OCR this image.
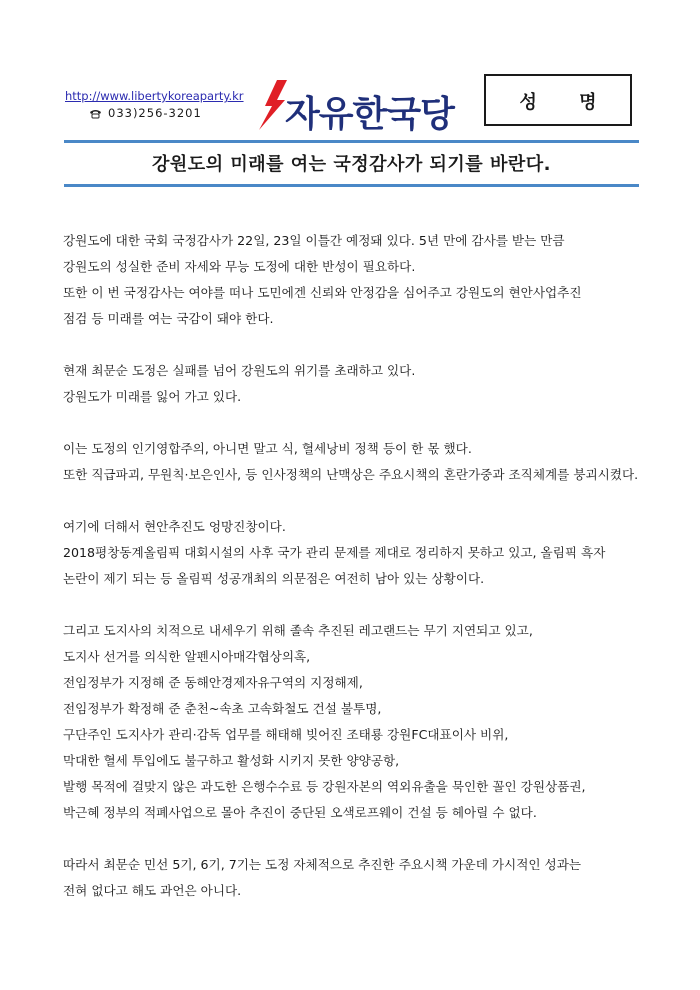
http://www.libertykoreaparty.kr
033)256-3201	자유한국당	성 명
강원도의 미래를 여는 국정감사가 되기를 바란다.
강원도에 대한 국회 국정감사가 22일, 23일 이틀간 예정돼 있다. 5년 만에 감사를 받는 만큼
강원도의 성실한 준비 자세와 무능 도정에 대한 반성이 필요하다.
또한 이 번 국정감사는 여야를 떠나 도민에겐 신뢰와 안정감을 심어주고 강원도의 현안사업추진
점검 등 미래를 여는 국감이 돼야 한다.
현재 최문순 도정은 실패를 넘어 강원도의 위기를 초래하고 있다.
강원도가 미래를 잃어 가고 있다.
이는 도정의 인기영합주의, 아니면 말고 식, 혈세낭비 정책 등이 한 몫 했다.
또한 직급파괴, 무원칙·보은인사, 등 인사정책의 난맥상은 주요시책의 혼란가중과 조직체계를 붕괴시켰다.
여기에 더해서 현안추진도 엉망진창이다.
2018평창동계올림픽 대회시설의 사후 국가 관리 문제를 제대로 정리하지 못하고 있고, 올림픽 흑자
논란이 제기 되는 등 올림픽 성공개최의 의문점은 여전히 남아 있는 상황이다.
그리고 도지사의 치적으로 내세우기 위해 졸속 추진된 레고랜드는 무기 지연되고 있고,
도지사 선거를 의식한 알펜시아매각협상의혹,
전임정부가 지정해 준 동해안경제자유구역의 지정해제,
전임정부가 확정해 준 춘천~속초 고속화철도 건설 불투명,
구단주인 도지사가 관리·감독 업무를 해태해 빚어진 조태룡 강원FC대표이사 비위,
막대한 혈세 투입에도 불구하고 활성화 시키지 못한 양양공항,
발행 목적에 걸맞지 않은 과도한 은행수수료 등 강원자본의 역외유출을 묵인한 꼴인 강원상품권,
박근혜 정부의 적폐사업으로 몰아 추진이 중단된 오색로프웨이 건설 등 헤아릴 수 없다.
따라서 최문순 민선 5기, 6기, 7기는 도정 자체적으로 추진한 주요시책 가운데 가시적인 성과는
전혀 없다고 해도 과언은 아니다.
